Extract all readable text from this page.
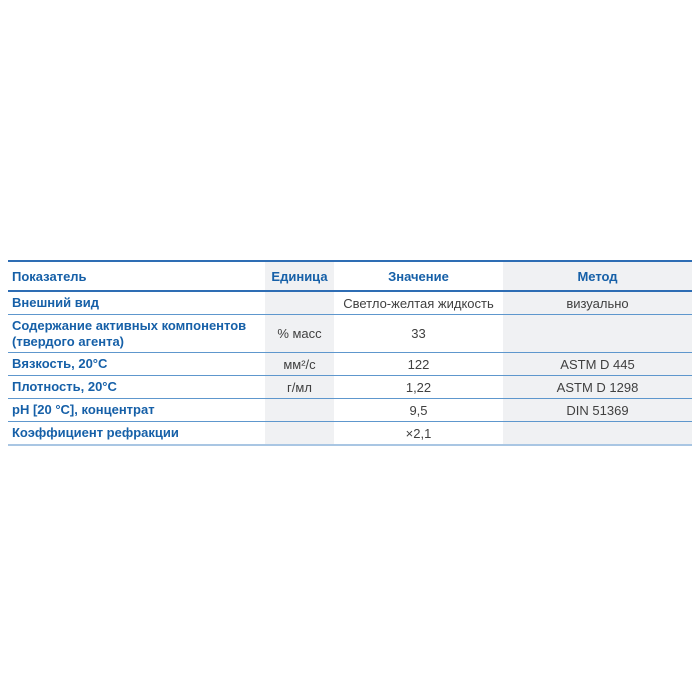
Показатель	Единица	Значение	Метод
Внешний вид		Светло-желтая жидкость	визуально
Содержание активных компонентов (твердого агента)	% масс	33	
Вязкость, 20°C	мм²/с	122	ASTM D 445
Плотность, 20°C	г/мл	1,22	ASTM D 1298
pH [20 °C], концентрат		9,5	DIN 51369
Коэффициент рефракции		×2,1	
